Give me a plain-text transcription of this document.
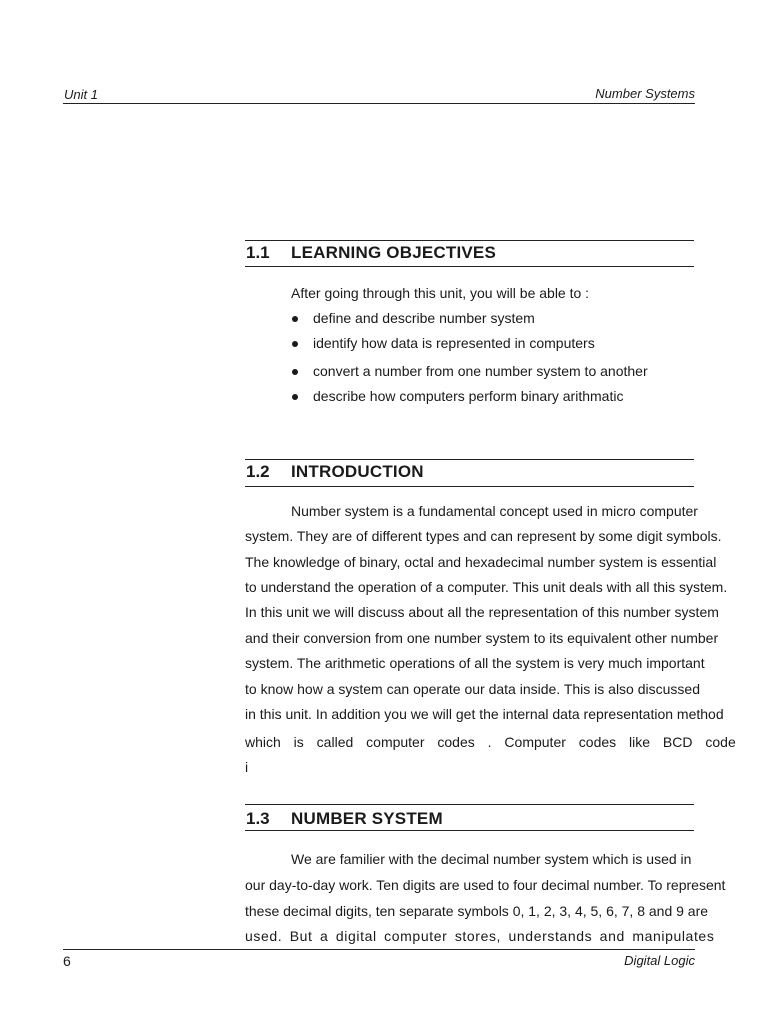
Unit 1	Number Systems
1.1 LEARNING OBJECTIVES
After going through this unit, you will be able to :
define and describe number system
identify how data is represented in computers
convert a number from one number system to another
describe how computers perform binary arithmatic
1.2 INTRODUCTION
Number system is a fundamental concept used in micro computer
system. They are of different types and can represent by some digit symbols.
The knowledge of binary, octal and hexadecimal number system is essential
to understand the operation of a computer. This unit deals with all this system.
In this unit we will discuss about all the representation of this number system
and their conversion from one number system to its equivalent other number
system. The arithmetic operations of all the system is very much important
to know how a system can operate our data inside. This is also discussed
in this unit. In addition you we will get the internal data representation method
which is called computer codes . Computer codes like BCD code
i
1.3 NUMBER SYSTEM
We are familier with the decimal number system which is used in
our day-to-day work. Ten digits are used to four decimal number. To represent
these decimal digits, ten separate symbols 0, 1, 2, 3, 4, 5, 6, 7, 8 and 9 are
used. But a digital computer stores, understands and manipulates
6	Digital Logic
